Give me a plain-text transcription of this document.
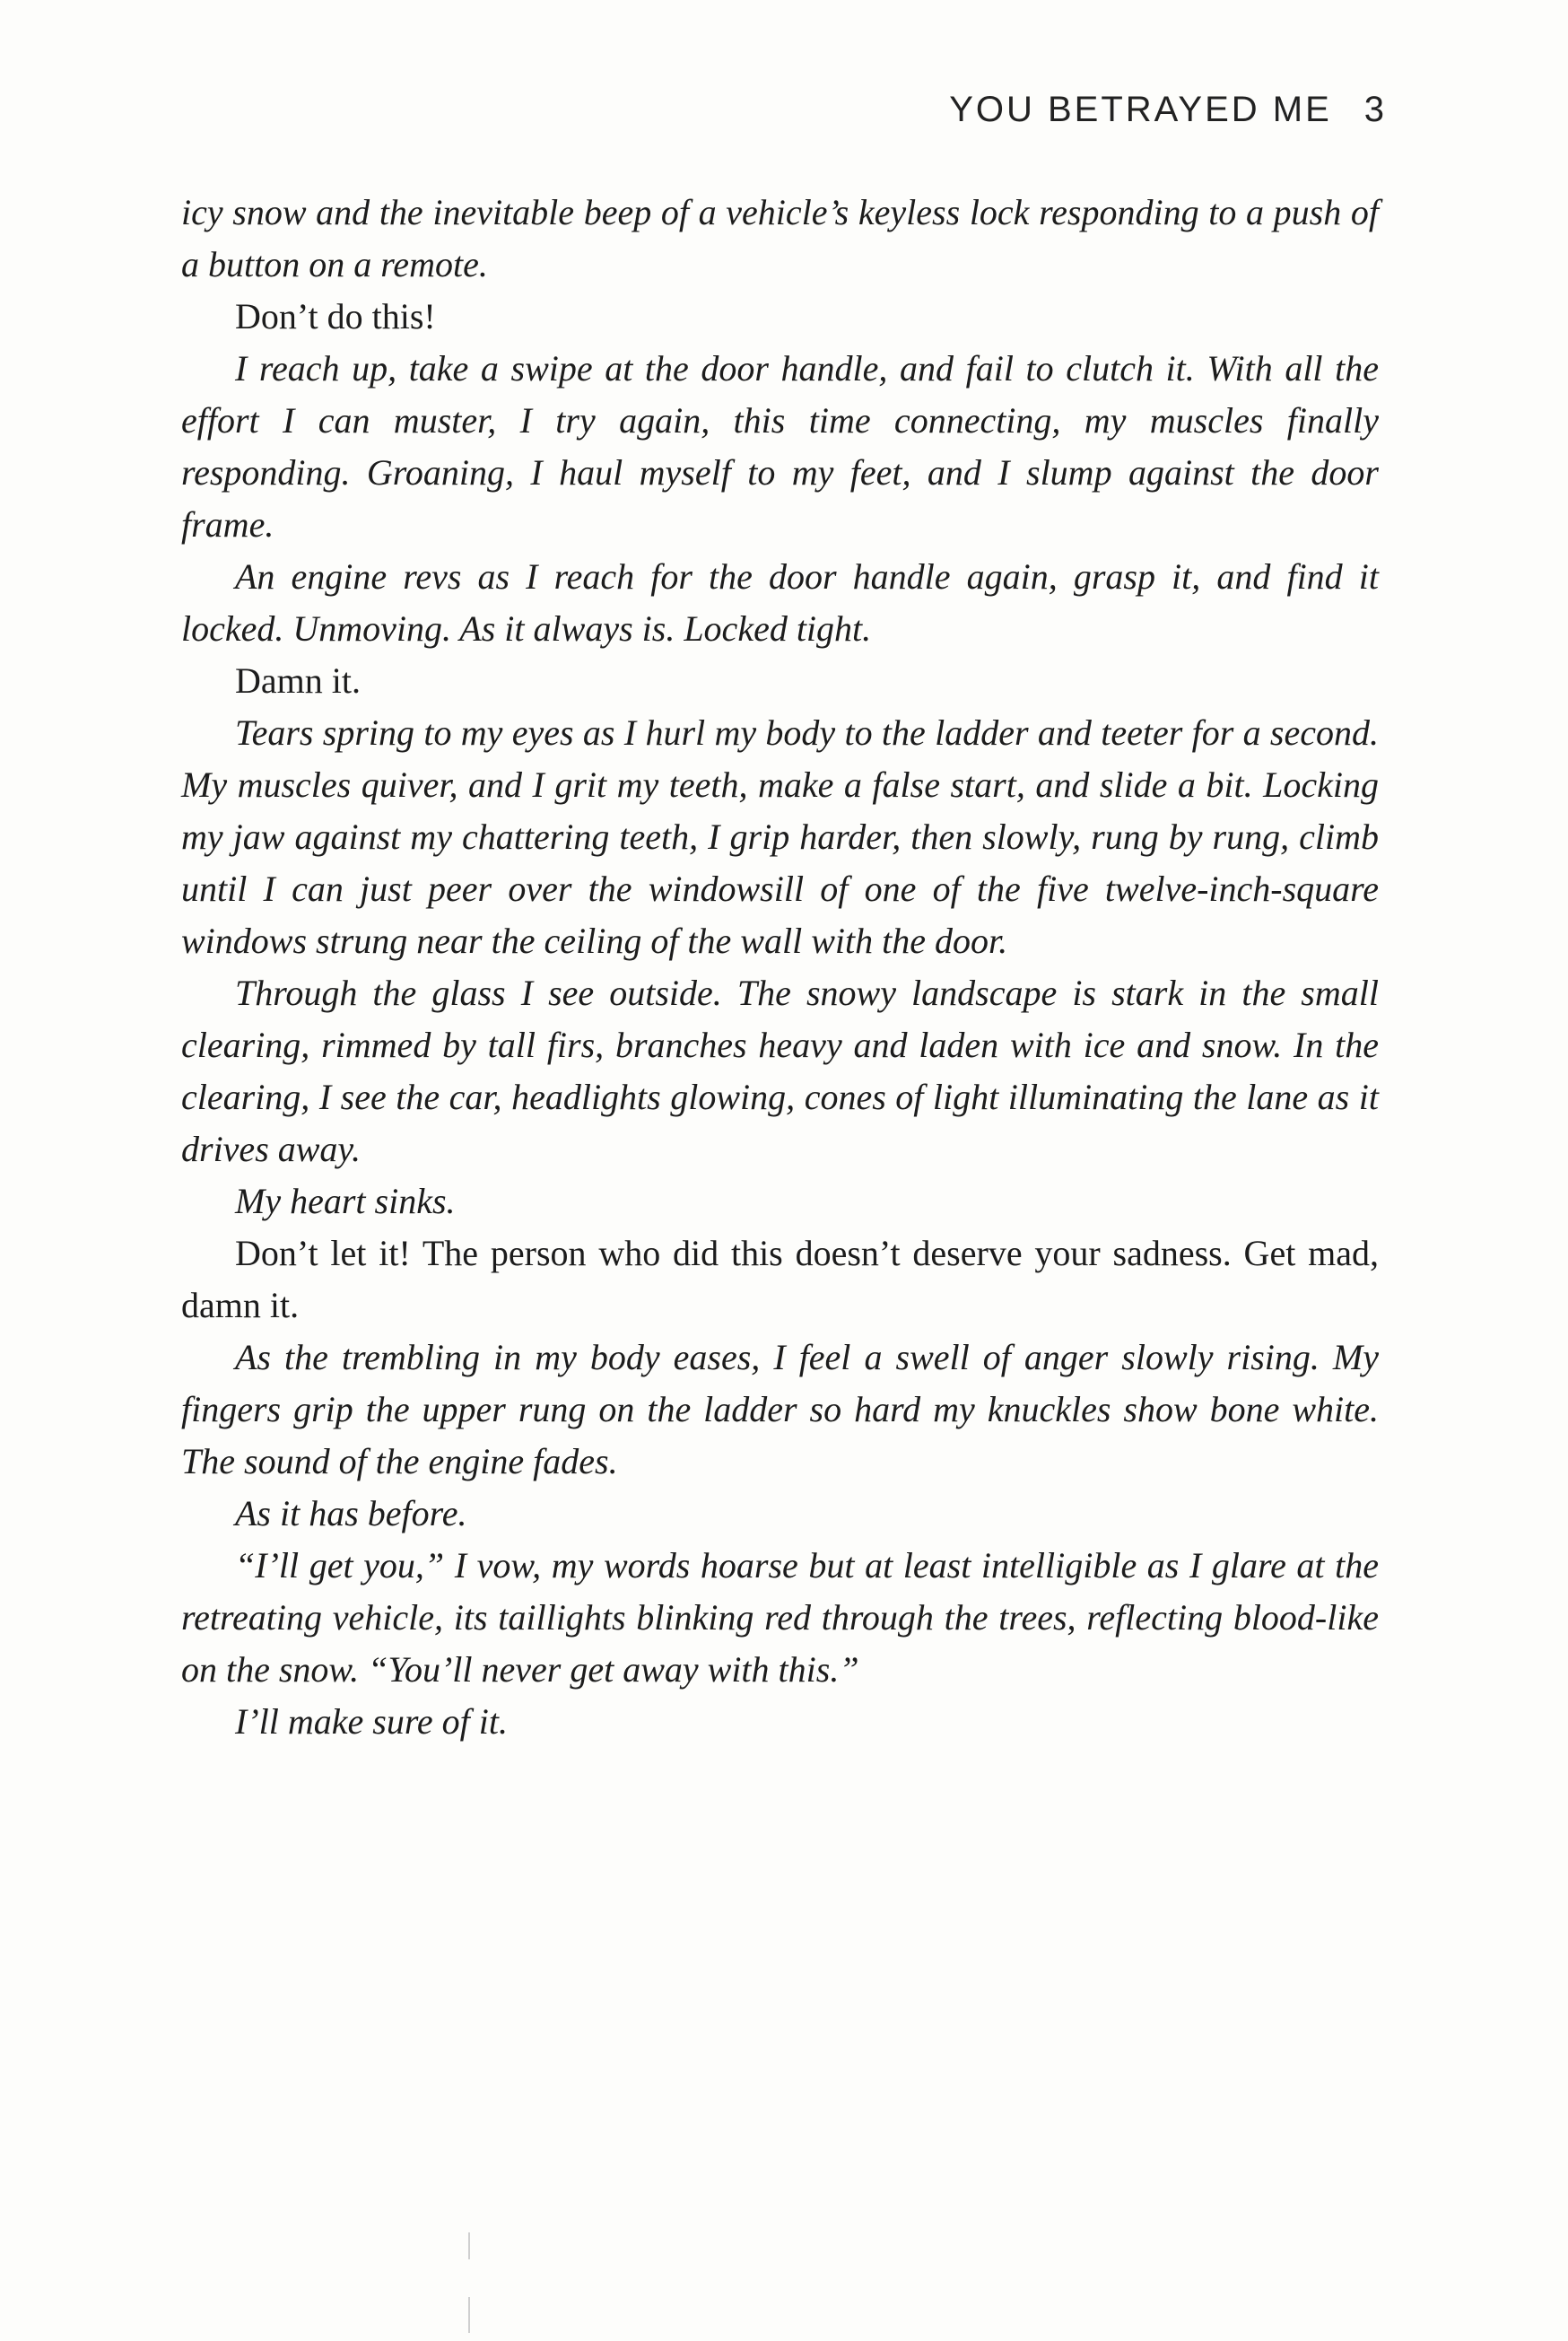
YOU BETRAYED ME 3

icy snow and the inevitable beep of a vehicle’s keyless lock responding to a push of a button on a remote.

Don’t do this!

I reach up, take a swipe at the door handle, and fail to clutch it. With all the effort I can muster, I try again, this time connecting, my muscles finally responding. Groaning, I haul myself to my feet, and I slump against the door frame.

An engine revs as I reach for the door handle again, grasp it, and find it locked. Unmoving. As it always is. Locked tight.

Damn it.

Tears spring to my eyes as I hurl my body to the ladder and teeter for a second. My muscles quiver, and I grit my teeth, make a false start, and slide a bit. Locking my jaw against my chattering teeth, I grip harder, then slowly, rung by rung, climb until I can just peer over the windowsill of one of the five twelve-inch-square windows strung near the ceiling of the wall with the door.

Through the glass I see outside. The snowy landscape is stark in the small clearing, rimmed by tall firs, branches heavy and laden with ice and snow. In the clearing, I see the car, headlights glowing, cones of light illuminating the lane as it drives away.

My heart sinks.

Don’t let it! The person who did this doesn’t deserve your sadness. Get mad, damn it.

As the trembling in my body eases, I feel a swell of anger slowly rising. My fingers grip the upper rung on the ladder so hard my knuckles show bone white. The sound of the engine fades.

As it has before.

“I’ll get you,” I vow, my words hoarse but at least intelligible as I glare at the retreating vehicle, its taillights blinking red through the trees, reflecting blood-like on the snow. “You’ll never get away with this.”

I’ll make sure of it.
